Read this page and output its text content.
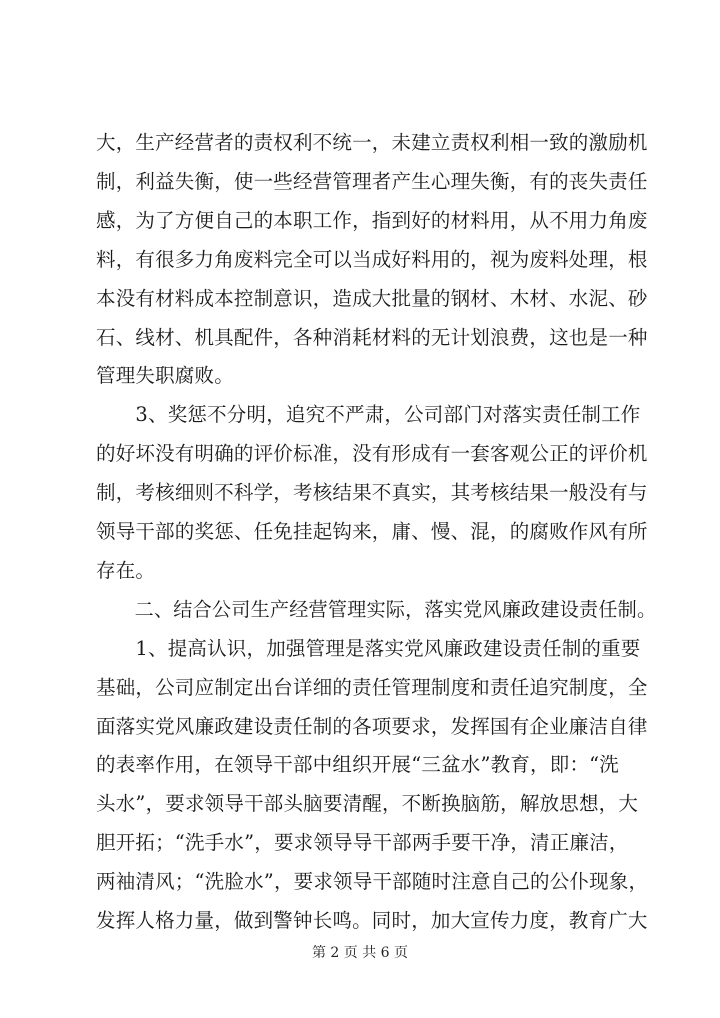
大，生产经营者的责权利不统一，未建立责权利相一致的激励机
制，利益失衡，使一些经营管理者产生心理失衡，有的丧失责任
感，为了方便自己的本职工作，指到好的材料用，从不用力角废
料，有很多力角废料完全可以当成好料用的，视为废料处理，根
本没有材料成本控制意识，造成大批量的钢材、木材、水泥、砂
石、线材、机具配件，各种消耗材料的无计划浪费，这也是一种
管理失职腐败。
　　3、奖惩不分明，追究不严肃，公司部门对落实责任制工作
的好坏没有明确的评价标准，没有形成有一套客观公正的评价机
制，考核细则不科学，考核结果不真实，其考核结果一般没有与
领导干部的奖惩、任免挂起钩来，庸、慢、混，的腐败作风有所
存在。
　　二、结合公司生产经营管理实际，落实党风廉政建设责任制。
　　1、提高认识，加强管理是落实党风廉政建设责任制的重要
基础，公司应制定出台详细的责任管理制度和责任追究制度，全
面落实党风廉政建设责任制的各项要求，发挥国有企业廉洁自律
的表率作用，在领导干部中组织开展“三盆水”教育，即：“洗
头水”，要求领导干部头脑要清醒，不断换脑筋，解放思想，大
胆开拓；“洗手水”，要求领导导干部两手要干净，清正廉洁，
两袖清风；“洗脸水”，要求领导干部随时注意自己的公仆现象，
发挥人格力量，做到警钟长鸣。同时，加大宣传力度，教育广大
第 2 页 共 6 页
